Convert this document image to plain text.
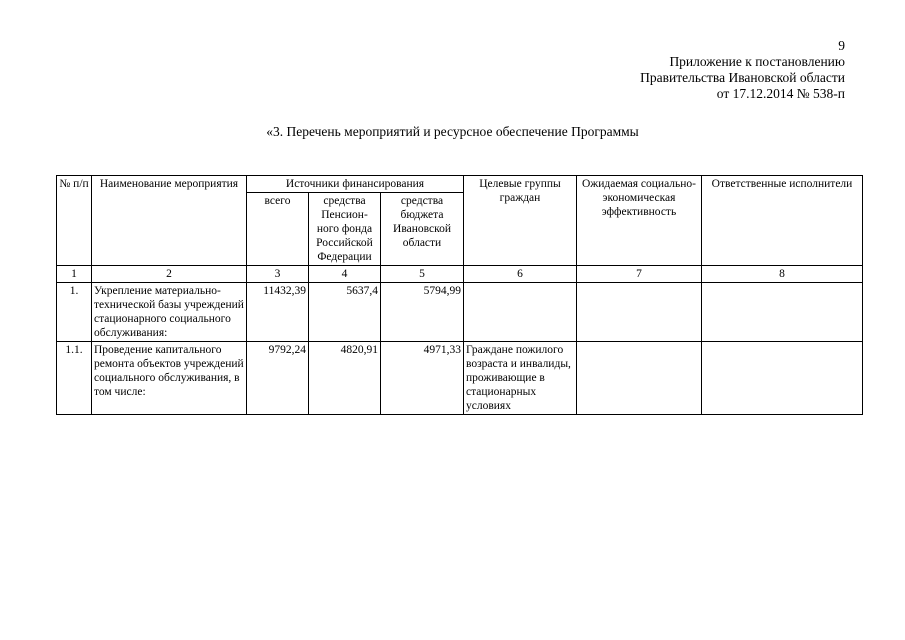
9
Приложение к постановлению
Правительства Ивановской области
от 17.12.2014 № 538-п
«3. Перечень мероприятий и ресурсное обеспечение Программы
№ п/п	Наименование мероприятия	Источники финансирования			Целевые группы граждан	Ожидаемая социально-экономическая эффективность	Ответственные исполнители
		всего	средства Пенсион-ного фонда Российской Федерации	средства бюджета Ивановской области			
1	2	3	4	5	6	7	8
1.	Укрепление материально-технической базы учреждений стационарного социального обслуживания:	11432,39	5637,4	5794,99			
1.1.	Проведение капитального ремонта объектов учреждений социального обслуживания, в том числе:	9792,24	4820,91	4971,33	Граждане пожилого возраста и инвалиды, проживающие в стационарных условиях		
